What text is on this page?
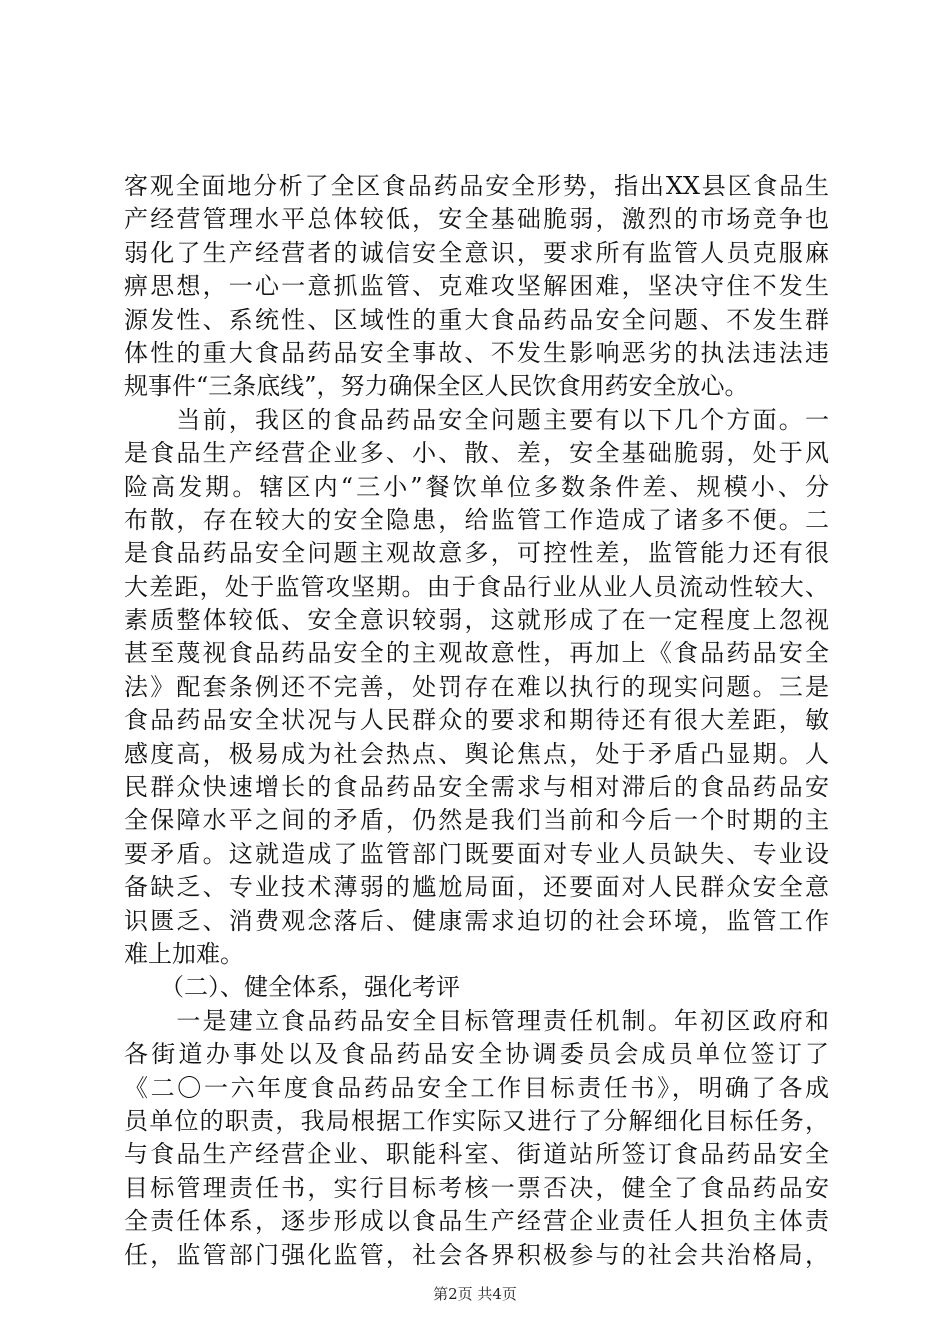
客观全面地分析了全区食品药品安全形势，指出XX县区食品生
产经营管理水平总体较低，安全基础脆弱，激烈的市场竞争也
弱化了生产经营者的诚信安全意识，要求所有监管人员克服麻
痹思想，一心一意抓监管、克难攻坚解困难，坚决守住不发生
源发性、系统性、区域性的重大食品药品安全问题、不发生群
体性的重大食品药品安全事故、不发生影响恶劣的执法违法违
规事件“三条底线”，努力确保全区人民饮食用药安全放心。
　　当前，我区的食品药品安全问题主要有以下几个方面。一
是食品生产经营企业多、小、散、差，安全基础脆弱，处于风
险高发期。辖区内“三小”餐饮单位多数条件差、规模小、分
布散，存在较大的安全隐患，给监管工作造成了诸多不便。二
是食品药品安全问题主观故意多，可控性差，监管能力还有很
大差距，处于监管攻坚期。由于食品行业从业人员流动性较大、
素质整体较低、安全意识较弱，这就形成了在一定程度上忽视
甚至蔑视食品药品安全的主观故意性，再加上《食品药品安全
法》配套条例还不完善，处罚存在难以执行的现实问题。三是
食品药品安全状况与人民群众的要求和期待还有很大差距，敏
感度高，极易成为社会热点、舆论焦点，处于矛盾凸显期。人
民群众快速增长的食品药品安全需求与相对滞后的食品药品安
全保障水平之间的矛盾，仍然是我们当前和今后一个时期的主
要矛盾。这就造成了监管部门既要面对专业人员缺失、专业设
备缺乏、专业技术薄弱的尴尬局面，还要面对人民群众安全意
识匮乏、消费观念落后、健康需求迫切的社会环境，监管工作
难上加难。
　　（二）、健全体系，强化考评
　　一是建立食品药品安全目标管理责任机制。年初区政府和
各街道办事处以及食品药品安全协调委员会成员单位签订了
《二〇一六年度食品药品安全工作目标责任书》，明确了各成
员单位的职责，我局根据工作实际又进行了分解细化目标任务，
与食品生产经营企业、职能科室、街道站所签订食品药品安全
目标管理责任书，实行目标考核一票否决，健全了食品药品安
全责任体系，逐步形成以食品生产经营企业责任人担负主体责
任，监管部门强化监管，社会各界积极参与的社会共治格局，
第2页 共4页
